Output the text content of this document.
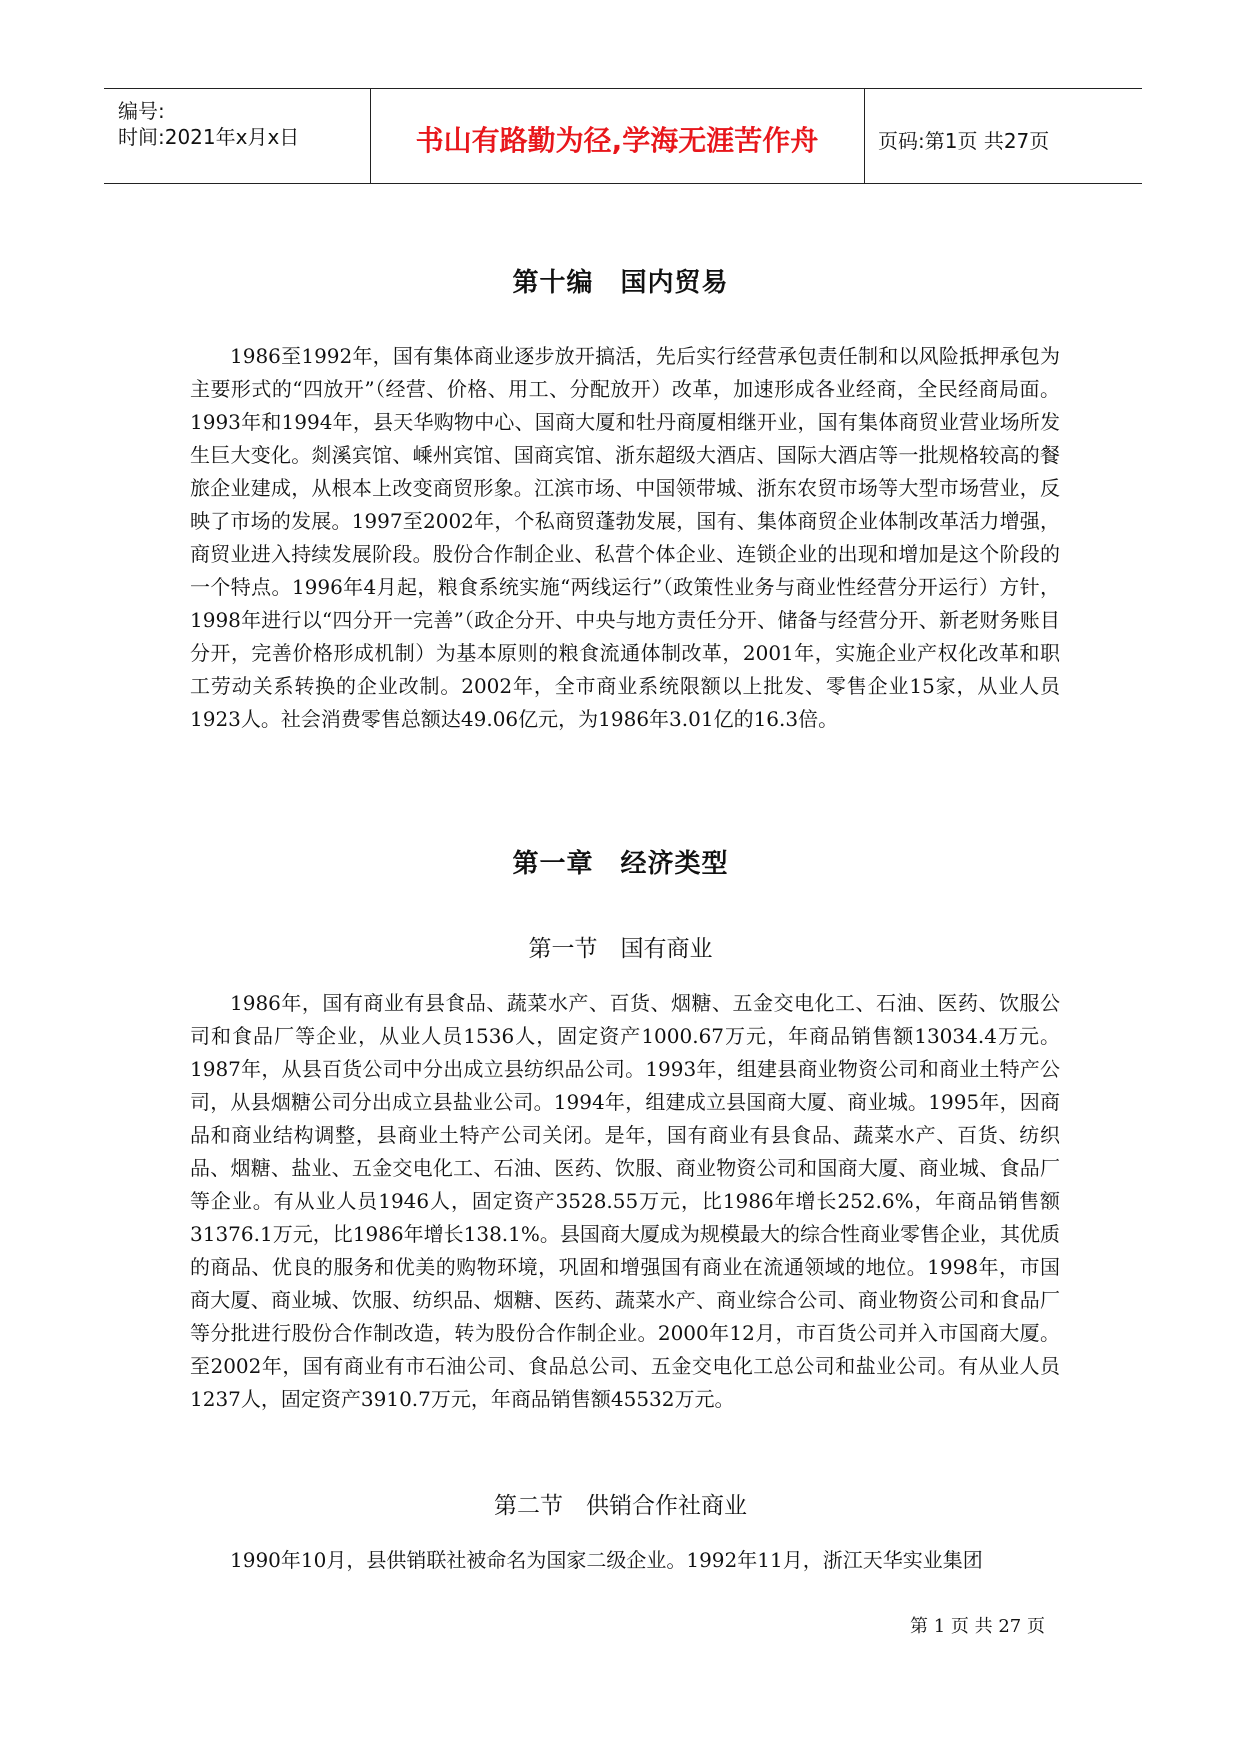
编号:
时间:2021年x月x日	书山有路勤为径,学海无涯苦作舟	页码:第1页 共27页
第十编　国内贸易

1986至1992年，国有集体商业逐步放开搞活，先后实行经营承包责任制和以风险抵押承包为主要形式的“四放开”（经营、价格、用工、分配放开）改革，加速形成各业经商，全民经商局面。1993年和1994年，县天华购物中心、国商大厦和牡丹商厦相继开业，国有集体商贸业营业场所发生巨大变化。剡溪宾馆、嵊州宾馆、国商宾馆、浙东超级大酒店、国际大酒店等一批规格较高的餐旅企业建成，从根本上改变商贸形象。江滨市场、中国领带城、浙东农贸市场等大型市场营业，反映了市场的发展。1997至2002年，个私商贸蓬勃发展，国有、集体商贸企业体制改革活力增强，商贸业进入持续发展阶段。股份合作制企业、私营个体企业、连锁企业的出现和增加是这个阶段的一个特点。1996年4月起，粮食系统实施“两线运行”（政策性业务与商业性经营分开运行）方针，1998年进行以“四分开一完善”（政企分开、中央与地方责任分开、储备与经营分开、新老财务账目分开，完善价格形成机制）为基本原则的粮食流通体制改革，2001年，实施企业产权化改革和职工劳动关系转换的企业改制。2002年，全市商业系统限额以上批发、零售企业15家，从业人员1923人。社会消费零售总额达49.06亿元，为1986年3.01亿的16.3倍。

第一章　经济类型
第一节　国有商业

1986年，国有商业有县食品、蔬菜水产、百货、烟糖、五金交电化工、石油、医药、饮服公司和食品厂等企业，从业人员1536人，固定资产1000.67万元，年商品销售额13034.4万元。1987年，从县百货公司中分出成立县纺织品公司。1993年，组建县商业物资公司和商业土特产公司，从县烟糖公司分出成立县盐业公司。1994年，组建成立县国商大厦、商业城。1995年，因商品和商业结构调整，县商业土特产公司关闭。是年，国有商业有县食品、蔬菜水产、百货、纺织品、烟糖、盐业、五金交电化工、石油、医药、饮服、商业物资公司和国商大厦、商业城、食品厂等企业。有从业人员1946人，固定资产3528.55万元，比1986年增长252.6%，年商品销售额31376.1万元，比1986年增长138.1%。县国商大厦成为规模最大的综合性商业零售企业，其优质的商品、优良的服务和优美的购物环境，巩固和增强国有商业在流通领域的地位。1998年，市国商大厦、商业城、饮服、纺织品、烟糖、医药、蔬菜水产、商业综合公司、商业物资公司和食品厂等分批进行股份合作制改造，转为股份合作制企业。2000年12月，市百货公司并入市国商大厦。至2002年，国有商业有市石油公司、食品总公司、五金交电化工总公司和盐业公司。有从业人员1237人，固定资产3910.7万元，年商品销售额45532万元。

第二节　供销合作社商业

1990年10月，县供销联社被命名为国家二级企业。1992年11月，浙江天华实业集团

第 1 页 共 27 页
